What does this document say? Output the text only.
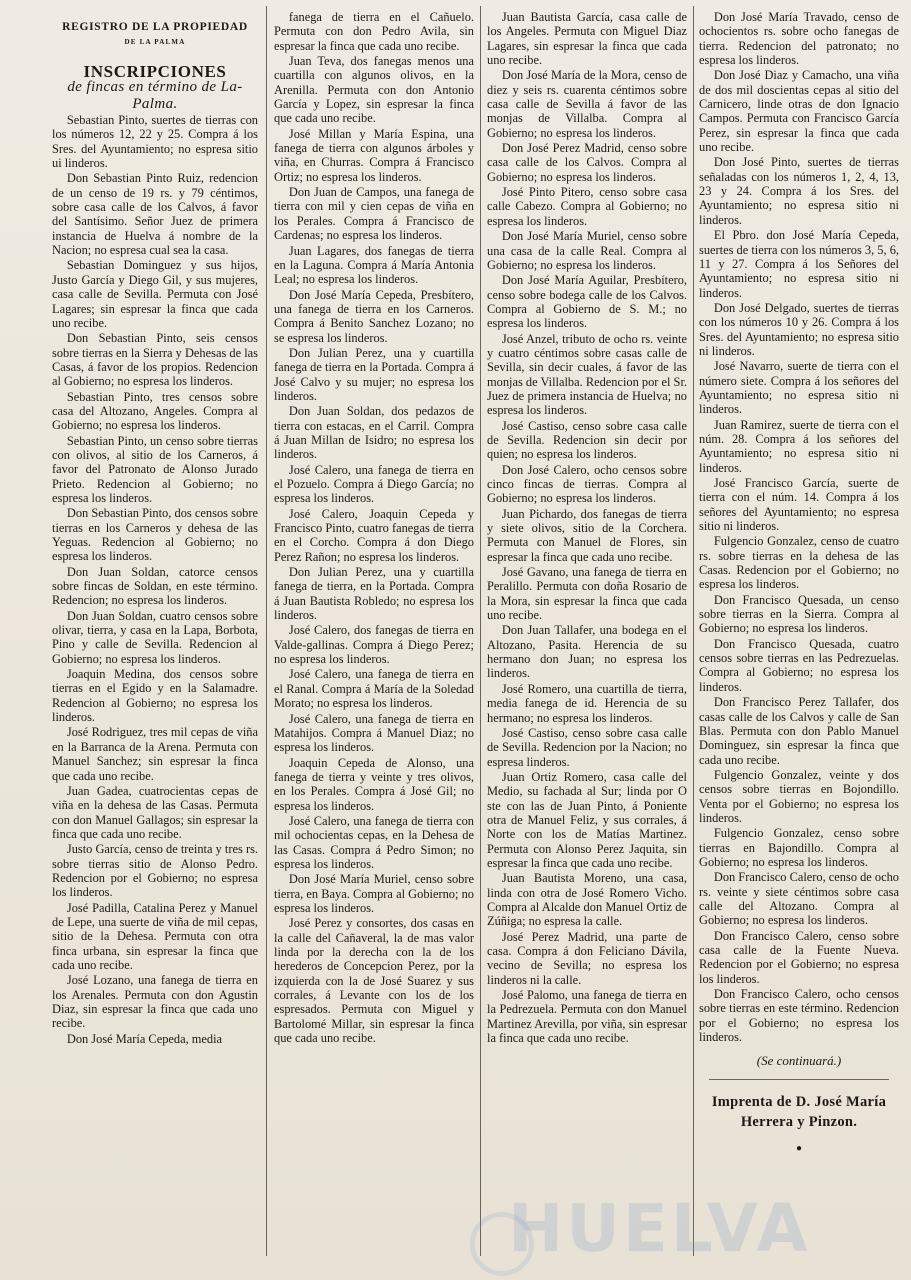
REGISTRO DE LA PROPIEDAD
DE LA PALMA
INSCRIPCIONES
de fincas en término de La-Palma.

Sebastian Pinto, suertes de tierras con los números 12, 22 y 25. Compra á los Sres. del Ayuntamiento; no espresa sitio ui linderos.

Don Sebastian Pinto Ruiz, redencion de un censo de 19 rs. y 79 céntimos, sobre casa calle de los Calvos, á favor del Santísimo. Señor Juez de primera instancia de Huelva á nombre de la Nacion; no espresa cual sea la casa.

Sebastian Dominguez y sus hijos, Justo García y Diego Gil, y sus mujeres, casa calle de Sevilla. Permuta con José Lagares; sin espresar la finca que cada uno recibe.

Don Sebastian Pinto, seis censos sobre tierras en la Sierra y Dehesas de las Casas, á favor de los propios. Redencion al Gobierno; no espresa los linderos.

Sebastian Pinto, tres censos sobre casa del Altozano, Angeles. Compra al Gobierno; no espresa los linderos.

Sebastian Pinto, un censo sobre tierras con olivos, al sitio de los Carneros, á favor del Patronato de Alonso Jurado Prieto. Redencion al Gobierno; no espresa los linderos.

Don Sebastian Pinto, dos censos sobre tierras en los Carneros y dehesa de las Yeguas. Redencion al Gobierno; no espresa los linderos.

Don Juan Soldan, catorce censos sobre fincas de Soldan, en este término. Redencion; no espresa los linderos.

Don Juan Soldan, cuatro censos sobre olivar, tierra, y casa en la Lapa, Borbota, Pino y calle de Sevilla. Redencion al Gobierno; no espresa los linderos.

Joaquin Medina, dos censos sobre tierras en el Egido y en la Salamadre. Redencion al Gobierno; no espresa los linderos.

José Rodriguez, tres mil cepas de viña en la Barranca de la Arena. Permuta con Manuel Sanchez; sin espresar la finca que cada uno recibe.

Juan Gadea, cuatrocientas cepas de viña en la dehesa de las Casas. Permuta con don Manuel Gallagos; sin espresar la finca que cada uno recibe.

Justo García, censo de treinta y tres rs. sobre tierras sitio de Alonso Pedro. Redencion por el Gobierno; no espresa los linderos.

José Padilla, Catalina Perez y Manuel de Lepe, una suerte de viña de mil cepas, sitio de la Dehesa. Permuta con otra finca urbana, sin espresar la finca que cada uno recibe.

José Lozano, una fanega de tierra en los Arenales. Permuta con don Agustin Diaz, sin espresar la finca que cada uno recibe.

Don José María Cepeda, media

fanega de tierra en el Cañuelo. Permuta con don Pedro Avila, sin espresar la finca que cada uno recibe.

Juan Teva, dos fanegas menos una cuartilla con algunos olivos, en la Arenilla. Permuta con don Antonio García y Lopez, sin espresar la finca que cada uno recibe.

José Millan y María Espina, una fanega de tierra con algunos árboles y viña, en Churras. Compra á Francisco Ortiz; no espresa los linderos.

Don Juan de Campos, una fanega de tierra con mil y cien cepas de viña en los Perales. Compra á Francisco de Cardenas; no espresa los linderos.

Juan Lagares, dos fanegas de tierra en la Laguna. Compra á María Antonia Leal; no espresa los linderos.

Don José María Cepeda, Presbítero, una fanega de tierra en los Carneros. Compra á Benito Sanchez Lozano; no se espresa los linderos.

Don Julian Perez, una y cuartilla fanega de tierra en la Portada. Compra á José Calvo y su mujer; no espresa los linderos.

Don Juan Soldan, dos pedazos de tierra con estacas, en el Carril. Compra á Juan Millan de Isidro; no espresa los linderos.

José Calero, una fanega de tierra en el Pozuelo. Compra á Diego García; no espresa los linderos.

José Calero, Joaquin Cepeda y Francisco Pinto, cuatro fanegas de tierra en el Corcho. Compra á don Diego Perez Rañon; no espresa los linderos.

Don Julian Perez, una y cuartilla fanega de tierra, en la Portada. Compra á Juan Bautista Robledo; no espresa los linderos.

José Calero, dos fanegas de tierra en Valde-gallinas. Compra á Diego Perez; no espresa los linderos.

José Calero, una fanega de tierra en el Ranal. Compra á María de la Soledad Morato; no espresa los linderos.

José Calero, una fanega de tierra en Matahijos. Compra á Manuel Diaz; no espresa los linderos.

Joaquin Cepeda de Alonso, una fanega de tierra y veinte y tres olivos, en los Perales. Compra á José Gil; no espresa los linderos.

José Calero, una fanega de tierra con mil ochocientas cepas, en la Dehesa de las Casas. Compra á Pedro Simon; no espresa los linderos.

Don José María Muriel, censo sobre tierra, en Baya. Compra al Gobierno; no espresa los linderos.

José Perez y consortes, dos casas en la calle del Cañaveral, la de mas valor linda por la derecha con la de los herederos de Concepcion Perez, por la izquierda con la de José Suarez y sus corrales, á Levante con los de los espresados. Permuta con Miguel y Bartolomé Millar, sin espresar la finca que cada uno recibe.

Juan Bautista García, casa calle de los Angeles. Permuta con Miguel Diaz Lagares, sin espresar la finca que cada uno recibe.

Don José María de la Mora, censo de diez y seis rs. cuarenta céntimos sobre casa calle de Sevilla á favor de las monjas de Villalba. Compra al Gobierno; no espresa los linderos.

Don José Perez Madrid, censo sobre casa calle de los Calvos. Compra al Gobierno; no espresa los linderos.

José Pinto Pitero, censo sobre casa calle Cabezo. Compra al Gobierno; no espresa los linderos.

Don José María Muriel, censo sobre una casa de la calle Real. Compra al Gobierno; no espresa los linderos.

Don José María Aguilar, Presbítero, censo sobre bodega calle de los Calvos. Compra al Gobierno de S. M.; no espresa los linderos.

José Anzel, tributo de ocho rs. veinte y cuatro céntimos sobre casas calle de Sevilla, sin decir cuales, á favor de las monjas de Villalba. Redencion por el Sr. Juez de primera instancia de Huelva; no espresa los linderos.

José Castiso, censo sobre casa calle de Sevilla. Redencion sin decir por quien; no espresa los linderos.

Don José Calero, ocho censos sobre cinco fincas de tierras. Compra al Gobierno; no espresa los linderos.

Juan Pichardo, dos fanegas de tierra y siete olivos, sitio de la Corchera. Permuta con Manuel de Flores, sin espresar la finca que cada uno recibe.

José Gavano, una fanega de tierra en Peralillo. Permuta con doña Rosario de la Mora, sin espresar la finca que cada uno recibe.

Don Juan Tallafer, una bodega en el Altozano, Pasita. Herencia de su hermano don Juan; no espresa los linderos.

José Romero, una cuartilla de tierra, media fanega de id. Herencia de su hermano; no espresa los linderos.

José Castiso, censo sobre casa calle de Sevilla. Redencion por la Nacion; no espresa linderos.

Juan Ortiz Romero, casa calle del Medio, su fachada al Sur; linda por O ste con las de Juan Pinto, á Poniente otra de Manuel Feliz, y sus corrales, á Norte con los de Matías Martinez. Permuta con Alonso Perez Jaquita, sin espresar la finca que cada uno recibe.

Juan Bautista Moreno, una casa, linda con otra de José Romero Vicho. Compra al Alcalde don Manuel Ortiz de Zúñiga; no espresa la calle.

José Perez Madrid, una parte de casa. Compra á don Feliciano Dávila, vecino de Sevilla; no espresa los linderos ni la calle.

José Palomo, una fanega de tierra en la Pedrezuela. Permuta con don Manuel Martinez Arevilla, por viña, sin espresar la finca que cada uno recibe.

Don José María Travado, censo de ochocientos rs. sobre ocho fanegas de tierra. Redencion del patronato; no espresa los linderos.

Don José Diaz y Camacho, una viña de dos mil doscientas cepas al sitio del Carnicero, linde otras de don Ignacio Campos. Permuta con Francisco García Perez, sin espresar la finca que cada uno recibe.

Don José Pinto, suertes de tierras señaladas con los números 1, 2, 4, 13, 23 y 24. Compra á los Sres. del Ayuntamiento; no espresa sitio ni linderos.

El Pbro. don José María Cepeda, suertes de tierra con los números 3, 5, 6, 11 y 27. Compra á los Señores del Ayuntamiento; no espresa sitio ni linderos.

Don José Delgado, suertes de tierras con los números 10 y 26. Compra á los Sres. del Ayuntamiento; no espresa sitio ni linderos.

José Navarro, suerte de tierra con el número siete. Compra á los señores del Ayuntamiento; no espresa sitio ni linderos.

Juan Ramirez, suerte de tierra con el núm. 28. Compra á los señores del Ayuntamiento; no espresa sitio ni linderos.

José Francisco García, suerte de tierra con el núm. 14. Compra á los señores del Ayuntamiento; no espresa sitio ni linderos.

Fulgencio Gonzalez, censo de cuatro rs. sobre tierras en la dehesa de las Casas. Redencion por el Gobierno; no espresa los linderos.

Don Francisco Quesada, un censo sobre tierras en la Sierra. Compra al Gobierno; no espresa los linderos.

Don Francisco Quesada, cuatro censos sobre tierras en las Pedrezuelas. Compra al Gobierno; no espresa los linderos.

Don Francisco Perez Tallafer, dos casas calle de los Calvos y calle de San Blas. Permuta con don Pablo Manuel Dominguez, sin espresar la finca que cada uno recibe.

Fulgencio Gonzalez, veinte y dos censos sobre tierras en Bojondillo. Venta por el Gobierno; no espresa los linderos.

Fulgencio Gonzalez, censo sobre tierras en Bajondillo. Compra al Gobierno; no espresa los linderos.

Don Francisco Calero, censo de ocho rs. veinte y siete céntimos sobre casa calle del Altozano. Compra al Gobierno; no espresa los linderos.

Don Francisco Calero, censo sobre casa calle de la Fuente Nueva. Redencion por el Gobierno; no espresa los linderos.

Don Francisco Calero, ocho censos sobre tierras en este término. Redencion por el Gobierno; no espresa los linderos.

(Se continuará.)
Imprenta de D. José María
Herrera y Pinzon.
●
HUELVA
